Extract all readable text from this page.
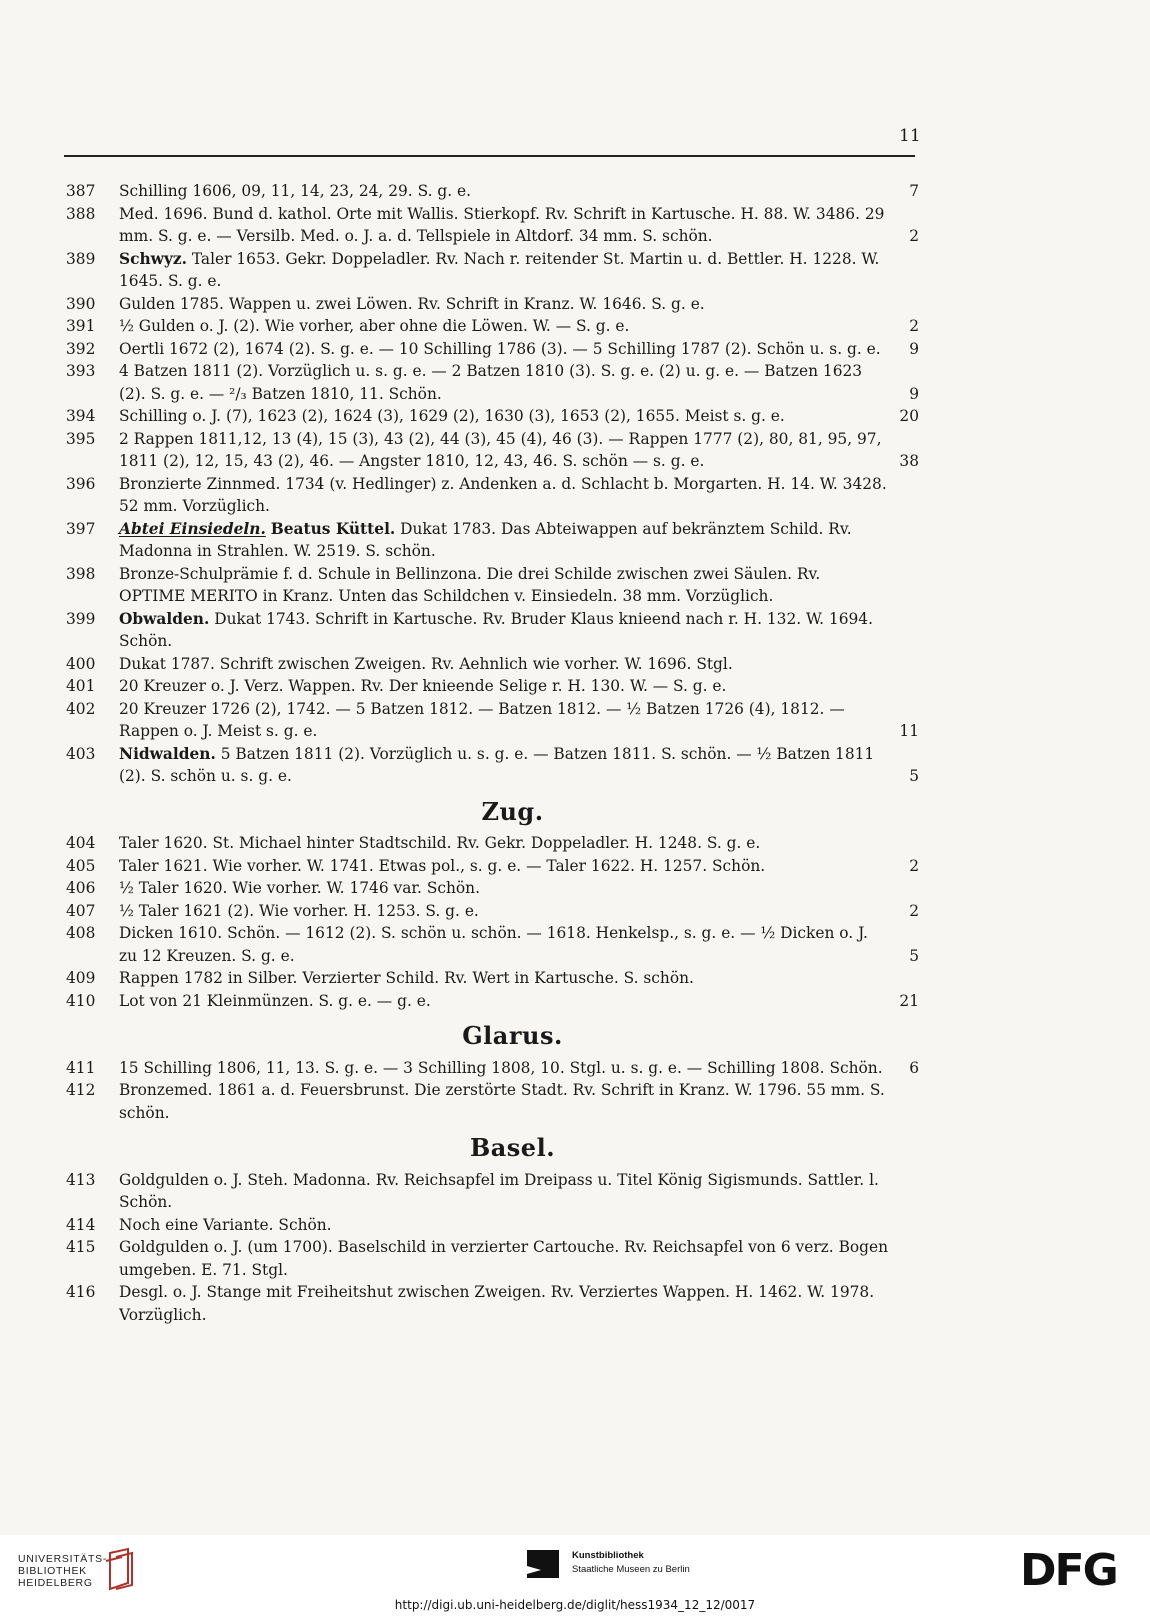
11
387	Schilling 1606, 09, 11, 14, 23, 24, 29. S. g. e.	7
388	Med. 1696. Bund d. kathol. Orte mit Wallis. Stierkopf. Rv. Schrift in Kartusche. H. 88. W. 3486. 29 mm. S. g. e. — Versilb. Med. o. J. a. d. Tellspiele in Altdorf. 34 mm. S. schön.	2
389	Schwyz. Taler 1653. Gekr. Doppeladler. Rv. Nach r. reitender St. Martin u. d. Bettler. H. 1228. W. 1645. S. g. e.
390	Gulden 1785. Wappen u. zwei Löwen. Rv. Schrift in Kranz. W. 1646. S. g. e.
391	½ Gulden o. J. (2). Wie vorher, aber ohne die Löwen. W. — S. g. e.	2
392	Oertli 1672 (2), 1674 (2). S. g. e. — 10 Schilling 1786 (3). — 5 Schilling 1787 (2). Schön u. s. g. e.	9
393	4 Batzen 1811 (2). Vorzüglich u. s. g. e. — 2 Batzen 1810 (3). S. g. e. (2) u. g. e. — Batzen 1623 (2). S. g. e. — ²/₃ Batzen 1810, 11. Schön.	9
394	Schilling o. J. (7), 1623 (2), 1624 (3), 1629 (2), 1630 (3), 1653 (2), 1655. Meist s. g. e.	20
395	2 Rappen 1811,12, 13 (4), 15 (3), 43 (2), 44 (3), 45 (4), 46 (3). — Rappen 1777 (2), 80, 81, 95, 97, 1811 (2), 12, 15, 43 (2), 46. — Angster 1810, 12, 43, 46. S. schön — s. g. e.	38
396	Bronzierte Zinnmed. 1734 (v. Hedlinger) z. Andenken a. d. Schlacht b. Morgarten. H. 14. W. 3428. 52 mm. Vorzüglich.
397	Abtei Einsiedeln. Beatus Küttel. Dukat 1783. Das Abteiwappen auf bekränztem Schild. Rv. Madonna in Strahlen. W. 2519. S. schön.
398	Bronze-Schulprämie f. d. Schule in Bellinzona. Die drei Schilde zwischen zwei Säulen. Rv. OPTIME MERITO in Kranz. Unten das Schildchen v. Einsiedeln. 38 mm. Vorzüglich.
399	Obwalden. Dukat 1743. Schrift in Kartusche. Rv. Bruder Klaus knieend nach r. H. 132. W. 1694. Schön.
400	Dukat 1787. Schrift zwischen Zweigen. Rv. Aehnlich wie vorher. W. 1696. Stgl.
401	20 Kreuzer o. J. Verz. Wappen. Rv. Der knieende Selige r. H. 130. W. — S. g. e.
402	20 Kreuzer 1726 (2), 1742. — 5 Batzen 1812. — Batzen 1812. — ½ Batzen 1726 (4), 1812. — Rappen o. J. Meist s. g. e.	11
403	Nidwalden. 5 Batzen 1811 (2). Vorzüglich u. s. g. e. — Batzen 1811. S. schön. — ½ Batzen 1811 (2). S. schön u. s. g. e.	5
Zug.
404	Taler 1620. St. Michael hinter Stadtschild. Rv. Gekr. Doppeladler. H. 1248. S. g. e.
405	Taler 1621. Wie vorher. W. 1741. Etwas pol., s. g. e. — Taler 1622. H. 1257. Schön.	2
406	½ Taler 1620. Wie vorher. W. 1746 var. Schön.
407	½ Taler 1621 (2). Wie vorher. H. 1253. S. g. e.	2
408	Dicken 1610. Schön. — 1612 (2). S. schön u. schön. — 1618. Henkelsp., s. g. e. — ½ Dicken o. J. zu 12 Kreuzen. S. g. e.	5
409	Rappen 1782 in Silber. Verzierter Schild. Rv. Wert in Kartusche. S. schön.
410	Lot von 21 Kleinmünzen. S. g. e. — g. e.	21
Glarus.
411	15 Schilling 1806, 11, 13. S. g. e. — 3 Schilling 1808, 10. Stgl. u. s. g. e. — Schilling 1808. Schön.	6
412	Bronzemed. 1861 a. d. Feuersbrunst. Die zerstörte Stadt. Rv. Schrift in Kranz. W. 1796. 55 mm. S. schön.
Basel.
413	Goldgulden o. J. Steh. Madonna. Rv. Reichsapfel im Dreipass u. Titel König Sigismunds. Sattler. l. Schön.
414	Noch eine Variante. Schön.
415	Goldgulden o. J. (um 1700). Baselschild in verzierter Cartouche. Rv. Reichsapfel von 6 verz. Bogen umgeben. E. 71. Stgl.
416	Desgl. o. J. Stange mit Freiheitshut zwischen Zweigen. Rv. Verziertes Wappen. H. 1462. W. 1978. Vorzüglich.
UNIVERSITÄTS-
BIBLIOTHEK
HEIDELBERG
Kunstbibliothek
Staatliche Museen zu Berlin	DFG
http://digi.ub.uni-heidelberg.de/diglit/hess1934_12_12/0017
